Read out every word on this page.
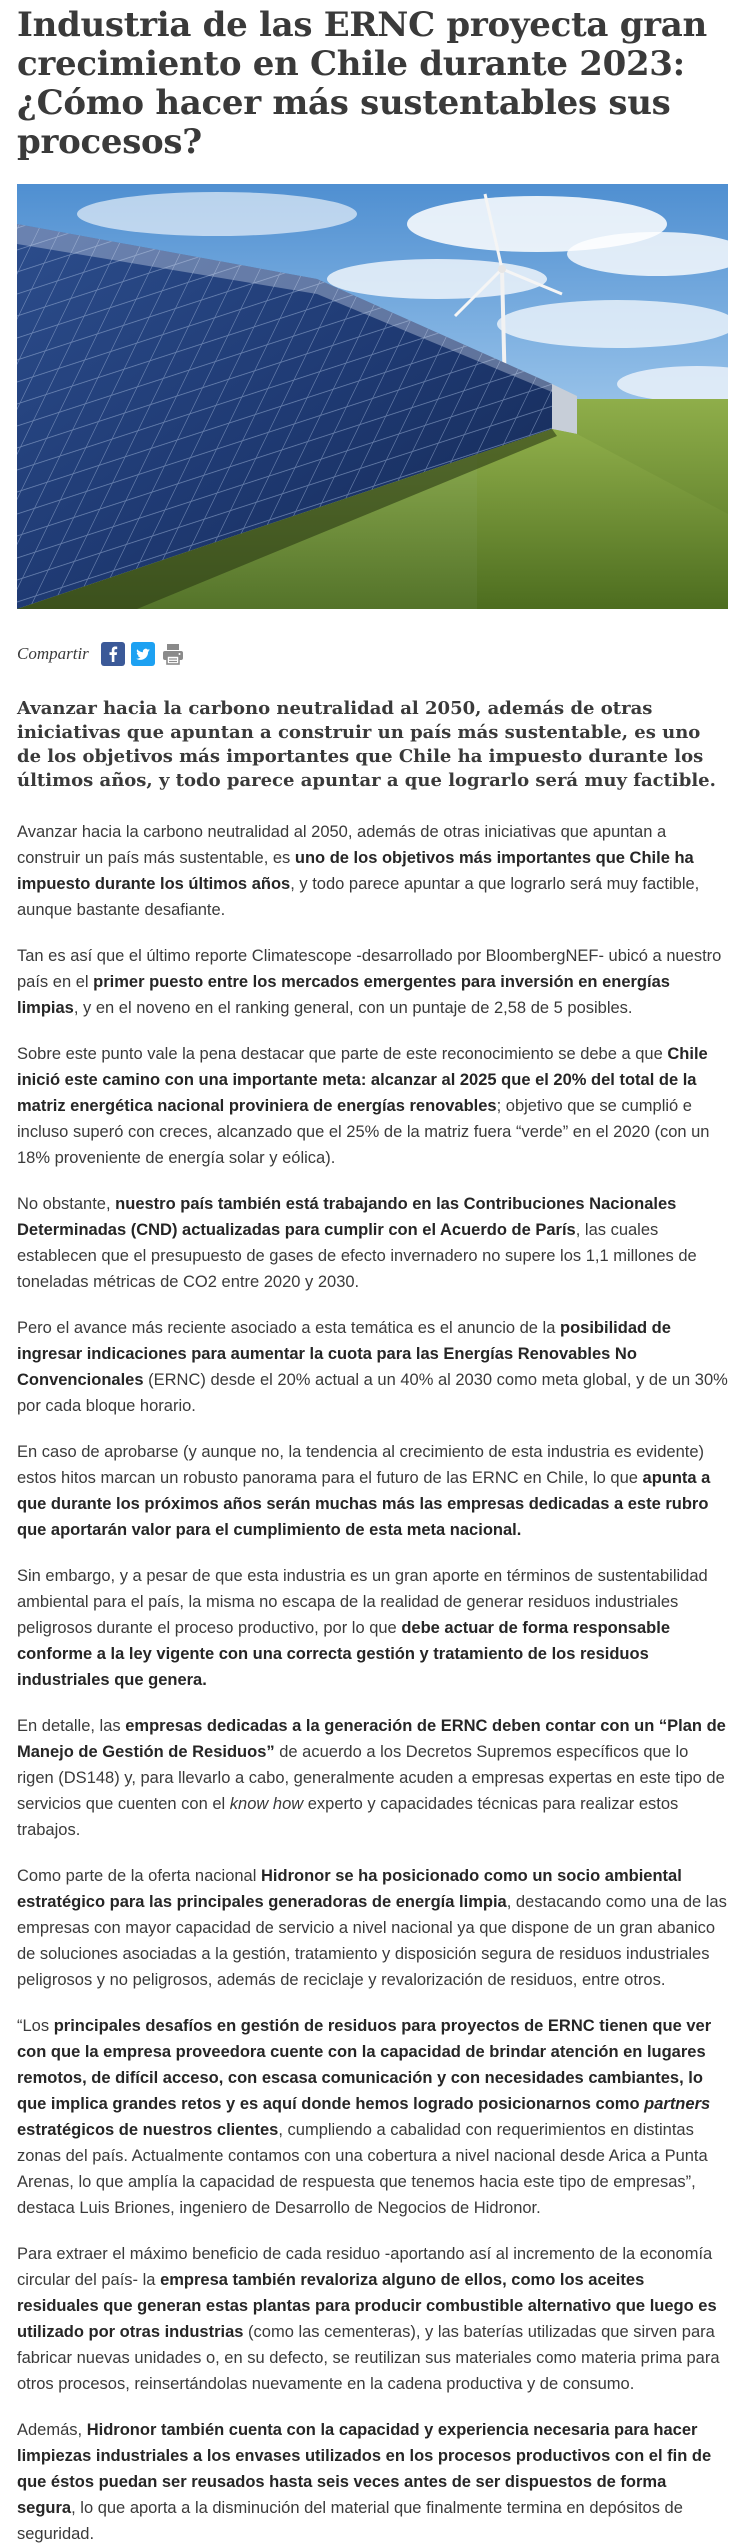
Industria de las ERNC proyecta gran crecimiento en Chile durante 2023: ¿Cómo hacer más sustentables sus procesos?
Compartir

Avanzar hacia la carbono neutralidad al 2050, además de otras iniciativas que apuntan a construir un país más sustentable, es uno de los objetivos más importantes que Chile ha impuesto durante los últimos años, y todo parece apuntar a que lograrlo será muy factible.

Avanzar hacia la carbono neutralidad al 2050, además de otras iniciativas que apuntan a construir un país más sustentable, es uno de los objetivos más importantes que Chile ha impuesto durante los últimos años, y todo parece apuntar a que lograrlo será muy factible, aunque bastante desafiante.

Tan es así que el último reporte Climatescope -desarrollado por BloombergNEF- ubicó a nuestro país en el primer puesto entre los mercados emergentes para inversión en energías limpias, y en el noveno en el ranking general, con un puntaje de 2,58 de 5 posibles.

Sobre este punto vale la pena destacar que parte de este reconocimiento se debe a que Chile inició este camino con una importante meta: alcanzar al 2025 que el 20% del total de la matriz energética nacional proviniera de energías renovables; objetivo que se cumplió e incluso superó con creces, alcanzado que el 25% de la matriz fuera “verde” en el 2020 (con un 18% proveniente de energía solar y eólica).

No obstante, nuestro país también está trabajando en las Contribuciones Nacionales Determinadas (CND) actualizadas para cumplir con el Acuerdo de París, las cuales establecen que el presupuesto de gases de efecto invernadero no supere los 1,1 millones de toneladas métricas de CO2 entre 2020 y 2030.

Pero el avance más reciente asociado a esta temática es el anuncio de la posibilidad de ingresar indicaciones para aumentar la cuota para las Energías Renovables No Convencionales (ERNC) desde el 20% actual a un 40% al 2030 como meta global, y de un 30% por cada bloque horario.

En caso de aprobarse (y aunque no, la tendencia al crecimiento de esta industria es evidente) estos hitos marcan un robusto panorama para el futuro de las ERNC en Chile, lo que apunta a que durante los próximos años serán muchas más las empresas dedicadas a este rubro que aportarán valor para el cumplimiento de esta meta nacional.

Sin embargo, y a pesar de que esta industria es un gran aporte en términos de sustentabilidad ambiental para el país, la misma no escapa de la realidad de generar residuos industriales peligrosos durante el proceso productivo, por lo que debe actuar de forma responsable conforme a la ley vigente con una correcta gestión y tratamiento de los residuos industriales que genera.

En detalle, las empresas dedicadas a la generación de ERNC deben contar con un “Plan de Manejo de Gestión de Residuos” de acuerdo a los Decretos Supremos específicos que lo rigen (DS148) y, para llevarlo a cabo, generalmente acuden a empresas expertas en este tipo de servicios que cuenten con el know how experto y capacidades técnicas para realizar estos trabajos.

Como parte de la oferta nacional Hidronor se ha posicionado como un socio ambiental estratégico para las principales generadoras de energía limpia, destacando como una de las empresas con mayor capacidad de servicio a nivel nacional ya que dispone de un gran abanico de soluciones asociadas a la gestión, tratamiento y disposición segura de residuos industriales peligrosos y no peligrosos, además de reciclaje y revalorización de residuos, entre otros.

“Los principales desafíos en gestión de residuos para proyectos de ERNC tienen que ver con que la empresa proveedora cuente con la capacidad de brindar atención en lugares remotos, de difícil acceso, con escasa comunicación y con necesidades cambiantes, lo que implica grandes retos y es aquí donde hemos logrado posicionarnos como partners estratégicos de nuestros clientes, cumpliendo a cabalidad con requerimientos en distintas zonas del país. Actualmente contamos con una cobertura a nivel nacional desde Arica a Punta Arenas, lo que amplía la capacidad de respuesta que tenemos hacia este tipo de empresas”, destaca Luis Briones, ingeniero de Desarrollo de Negocios de Hidronor.

Para extraer el máximo beneficio de cada residuo -aportando así al incremento de la economía circular del país- la empresa también revaloriza alguno de ellos, como los aceites residuales que generan estas plantas para producir combustible alternativo que luego es utilizado por otras industrias (como las cementeras), y las baterías utilizadas que sirven para fabricar nuevas unidades o, en su defecto, se reutilizan sus materiales como materia prima para otros procesos, reinsertándolas nuevamente en la cadena productiva y de consumo.

Además, Hidronor también cuenta con la capacidad y experiencia necesaria para hacer limpiezas industriales a los envases utilizados en los procesos productivos con el fin de que éstos puedan ser reusados hasta seis veces antes de ser dispuestos de forma segura, lo que aporta a la disminución del material que finalmente termina en depósitos de seguridad.
